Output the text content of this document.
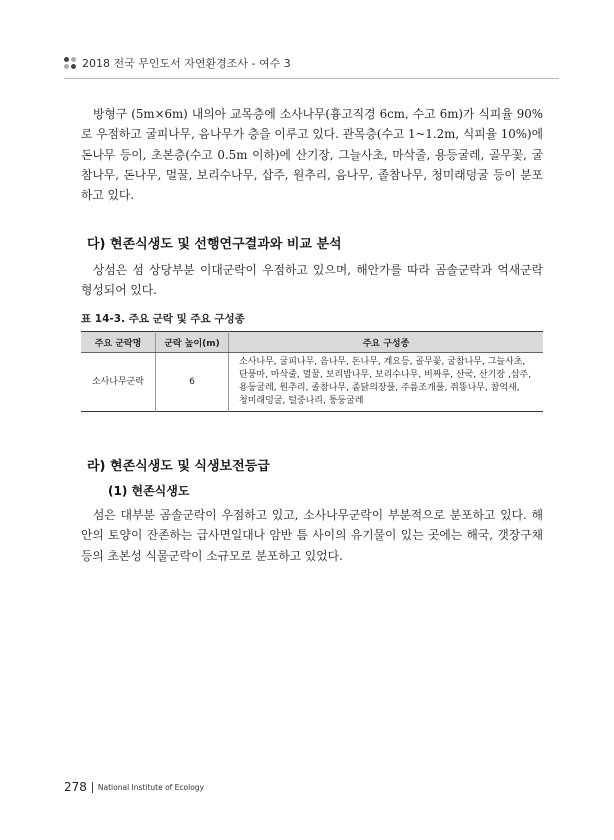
2018 전국 무인도서 자연환경조사 - 여수 3

방형구 (5m×6m) 내의아 교목층에 소사나무(흉고직경 6cm, 수고 6m)가 식피율 90%로 우점하고 굴피나무, 음나무가 층을 이루고 있다. 관목층(수고 1~1.2m, 식피율 10%)에 돈나무 등이, 초본층(수고 0.5m 이하)에 산기장, 그늘사초, 마삭줄, 용등굴레, 골무꽃, 굴참나무, 돈나무, 멀꿀, 보리수나무, 삽주, 원추리, 음나무, 졸참나무, 청미래덩굴 등이 분포하고 있다.

다) 현존식생도 및 선행연구결과와 비교 분석

상섬은 섬 상당부분 이대군락이 우점하고 있으며, 해안가를 따라 곰솔군락과 억새군락 형성되어 있다.

표 14-3. 주요 군락 및 주요 구성종
주요 군락명	군락 높이(m)	주요 구성종
소사나무군락	6	소사나무, 굴피나무, 음나무, 돈나무, 계요등, 골무꽃, 굴참나무, 그늘사초,
단풍마, 마삭줄, 멀꿀, 보리밥나무, 보리수나무, 비짜루, 산국, 산기장 ,삽주,
용둥굴레, 원추리, 졸참나무, 좀닭의장풀, 주름조개풀, 쥐똥나무, 참억새,
청미래덩굴, 털중나리, 퉁둥굴레
라) 현존식생도 및 식생보전등급
(1) 현존식생도

섬은 대부분 곰솔군락이 우점하고 있고, 소사나무군락이 부분적으로 분포하고 있다. 해안의 토양이 잔존하는 급사면일대나 암반 틈 사이의 유기물이 있는 곳에는 해국, 갯장구채 등의 초본성 식물군락이 소규모로 분포하고 있었다.

278 National Institute of Ecology
